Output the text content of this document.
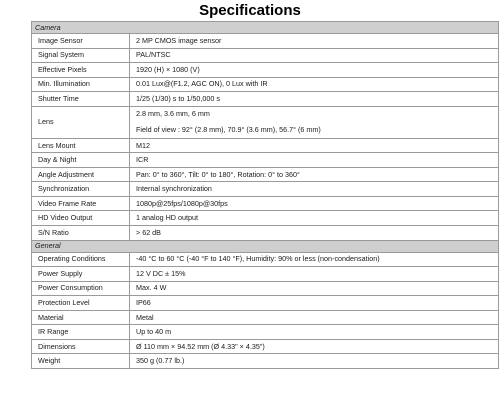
Specifications
Camera	
Image Sensor	2 MP CMOS image sensor
Signal System	PAL/NTSC
Effective Pixels	1920 (H) × 1080 (V)
Min. Illumination	0.01 Lux@(F1.2, AGC ON), 0 Lux with IR
Shutter Time	1/25 (1/30) s to 1/50,000 s
Lens	2.8 mm, 3.6 mm, 6 mm
Field of view : 92° (2.8 mm), 70.9° (3.6 mm), 56.7° (6 mm)

Lens Mount	M12
Day & Night	ICR
Angle Adjustment	Pan: 0° to 360°, Tilt: 0° to 180°, Rotation: 0° to 360°
Synchronization	Internal synchronization
Video Frame Rate	1080p@25fps/1080p@30fps
HD Video Output	1 analog HD output
S/N Ratio	> 62 dB
General	
Operating Conditions	-40 °C to 60 °C (-40 °F to 140 °F), Humidity: 90% or less (non-condensation)
Power Supply	12 V DC ± 15%
Power Consumption	Max. 4 W
Protection Level	IP66
Material	Metal
IR Range	Up to 40 m
Dimensions	Ø 110 mm × 94.52 mm (Ø 4.33" × 4.35")
Weight	350 g (0.77 lb.)
